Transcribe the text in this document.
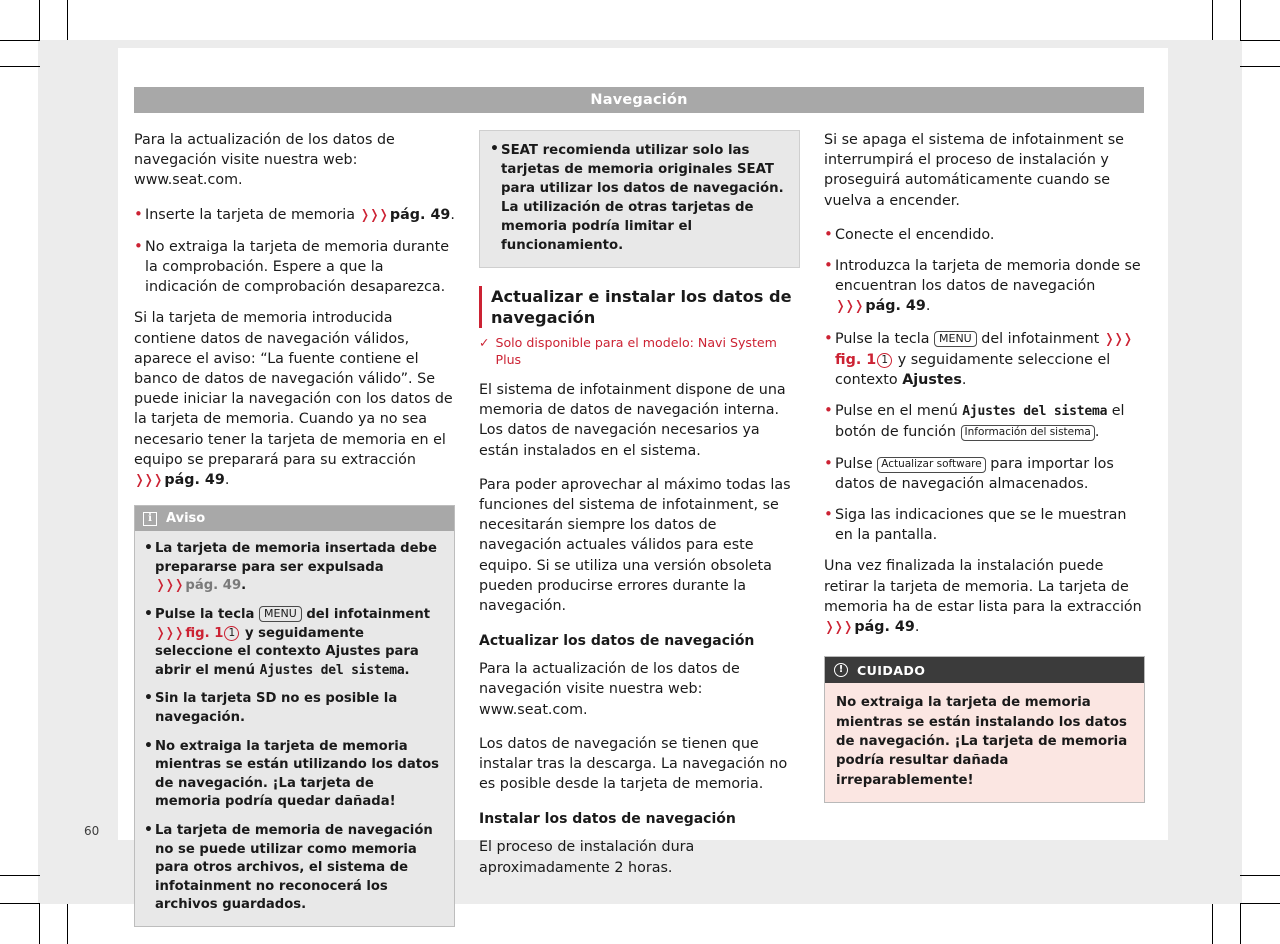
60
Navegación

Para la actualización de los datos de navegación visite nuestra web: www.seat.com.

• Inserte la tarjeta de memoria ❭❭❭ pág. 49.

• No extraiga la tarjeta de memoria durante la comprobación. Espere a que la indicación de comprobación desaparezca.

Si la tarjeta de memoria introducida contiene datos de navegación válidos, aparece el aviso: “La fuente contiene el banco de datos de navegación válido”. Se puede iniciar la navegación con los datos de la tarjeta de memoria. Cuando ya no sea necesario tener la tarjeta de memoria en el equipo se preparará para su extracción ❭❭❭ pág. 49.

i	Aviso

• La tarjeta de memoria insertada debe prepararse para ser expulsada ❭❭❭ pág. 49.

• Pulse la tecla MENU del infotainment ❭❭❭ fig. 1 1 y seguidamente seleccione el contexto Ajustes para abrir el menú Ajustes del sistema.

• Sin la tarjeta SD no es posible la navegación.

• No extraiga la tarjeta de memoria mientras se están utilizando los datos de navegación. ¡La tarjeta de memoria podría quedar dañada!

• La tarjeta de memoria de navegación no se puede utilizar como memoria para otros archivos, el sistema de infotainment no reconocerá los archivos guardados.

• SEAT recomienda utilizar solo las tarjetas de memoria originales SEAT para utilizar los datos de navegación. La utilización de otras tarjetas de memoria podría limitar el funcionamiento.

Actualizar e instalar los datos de navegación
✓ Solo disponible para el modelo: Navi System Plus

El sistema de infotainment dispone de una memoria de datos de navegación interna. Los datos de navegación necesarios ya están instalados en el sistema.

Para poder aprovechar al máximo todas las funciones del sistema de infotainment, se necesitarán siempre los datos de navegación actuales válidos para este equipo. Si se utiliza una versión obsoleta pueden producirse errores durante la navegación.

Actualizar los datos de navegación

Para la actualización de los datos de navegación visite nuestra web: www.seat.com.

Los datos de navegación se tienen que instalar tras la descarga. La navegación no es posible desde la tarjeta de memoria.

Instalar los datos de navegación

El proceso de instalación dura aproximadamente 2 horas.

Si se apaga el sistema de infotainment se interrumpirá el proceso de instalación y proseguirá automáticamente cuando se vuelva a encender.

• Conecte el encendido.

• Introduzca la tarjeta de memoria donde se encuentran los datos de navegación ❭❭❭ pág. 49.

• Pulse la tecla MENU del infotainment ❭❭❭fig. 1 1 y seguidamente seleccione el contexto Ajustes.

• Pulse en el menú Ajustes del sistema el botón de función Información del sistema .

• Pulse Actualizar software para importar los datos de navegación almacenados.

• Siga las indicaciones que se le muestran en la pantalla.

Una vez finalizada la instalación puede retirar la tarjeta de memoria. La tarjeta de memoria ha de estar lista para la extracción ❭❭❭ pág. 49.

!	CUIDADO

No extraiga la tarjeta de memoria mientras se están instalando los datos de navegación. ¡La tarjeta de memoria podría resultar dañada irreparablemente!
